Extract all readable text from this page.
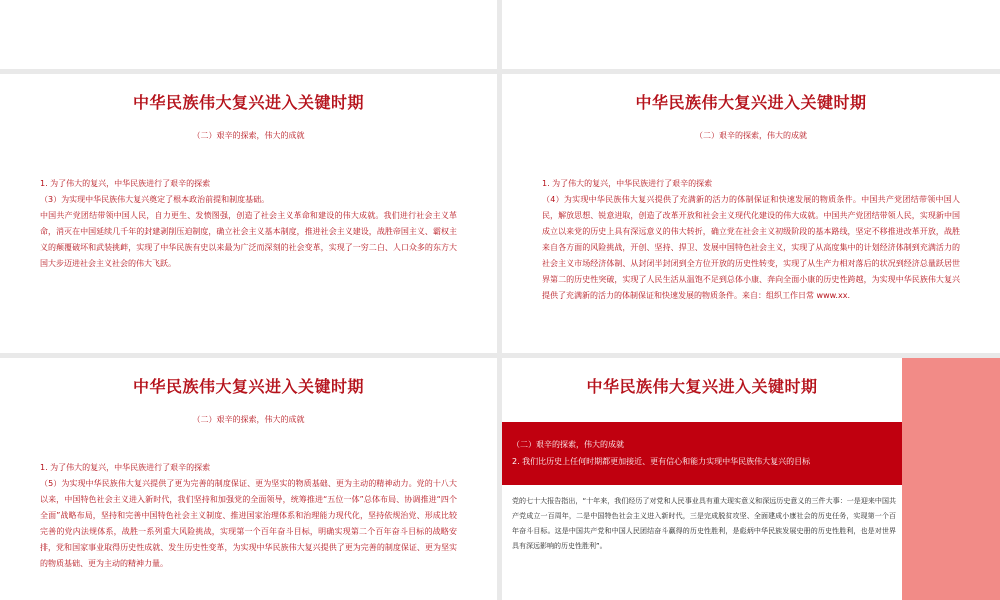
中华民族伟大复兴进入关键时期
（二）艰辛的探索，伟大的成就

1. 为了伟大的复兴，中华民族进行了艰辛的探索

（3）为实现中华民族伟大复兴奠定了根本政治前提和制度基础。

中国共产党团结带领中国人民，自力更生、发愤图强，创造了社会主义革命和建设的伟大成就。我们进行社会主义革命，消灭在中国延续几千年的封建剥削压迫制度，确立社会主义基本制度，推进社会主义建设，战胜帝国主义、霸权主义的颠覆破坏和武装挑衅，实现了中华民族有史以来最为广泛而深刻的社会变革，实现了一穷二白、人口众多的东方大国大步迈进社会主义社会的伟大飞跃。

中华民族伟大复兴进入关键时期
（二）艰辛的探索，伟大的成就

1. 为了伟大的复兴，中华民族进行了艰辛的探索

（4）为实现中华民族伟大复兴提供了充满新的活力的体制保证和快速发展的物质条件。中国共产党团结带领中国人民，解放思想、锐意进取，创造了改革开放和社会主义现代化建设的伟大成就。中国共产党团结带领人民，实现新中国成立以来党的历史上具有深远意义的伟大转折，确立党在社会主义初级阶段的基本路线，坚定不移推进改革开放，战胜来自各方面的风险挑战，开创、坚持、捍卫、发展中国特色社会主义，实现了从高度集中的计划经济体制到充满活力的社会主义市场经济体制、从封闭半封闭到全方位开放的历史性转变，实现了从生产力相对落后的状况到经济总量跃居世界第二的历史性突破，实现了人民生活从温饱不足到总体小康、奔向全面小康的历史性跨越，为实现中华民族伟大复兴提供了充满新的活力的体制保证和快速发展的物质条件。来自：组织工作日常 www.xx.

中华民族伟大复兴进入关键时期
（二）艰辛的探索，伟大的成就

1. 为了伟大的复兴，中华民族进行了艰辛的探索

（5）为实现中华民族伟大复兴提供了更为完善的制度保证、更为坚实的物质基础、更为主动的精神动力。党的十八大以来，中国特色社会主义进入新时代，我们坚持和加强党的全面领导，统筹推进“五位一体”总体布局、协调推进“四个全面”战略布局，坚持和完善中国特色社会主义制度、推进国家治理体系和治理能力现代化，坚持依规治党、形成比较完善的党内法规体系，战胜一系列重大风险挑战，实现第一个百年奋斗目标，明确实现第二个百年奋斗目标的战略安排，党和国家事业取得历史性成就、发生历史性变革，为实现中华民族伟大复兴提供了更为完善的制度保证、更为坚实的物质基础、更为主动的精神力量。

中华民族伟大复兴进入关键时期
（二）艰辛的探索，伟大的成就
2. 我们比历史上任何时期都更加接近、更有信心和能力实现中华民族伟大复兴的目标

党的七十大报告指出，“十年来，我们经历了对党和人民事业具有重大现实意义和深远历史意义的三件大事：一是迎来中国共产党成立一百周年，二是中国特色社会主义进入新时代，三是完成脱贫攻坚、全面建成小康社会的历史任务，实现第一个百年奋斗目标。这是中国共产党和中国人民团结奋斗赢得的历史性胜利，是彪炳中华民族发展史册的历史性胜利，也是对世界具有深远影响的历史性胜利”。
